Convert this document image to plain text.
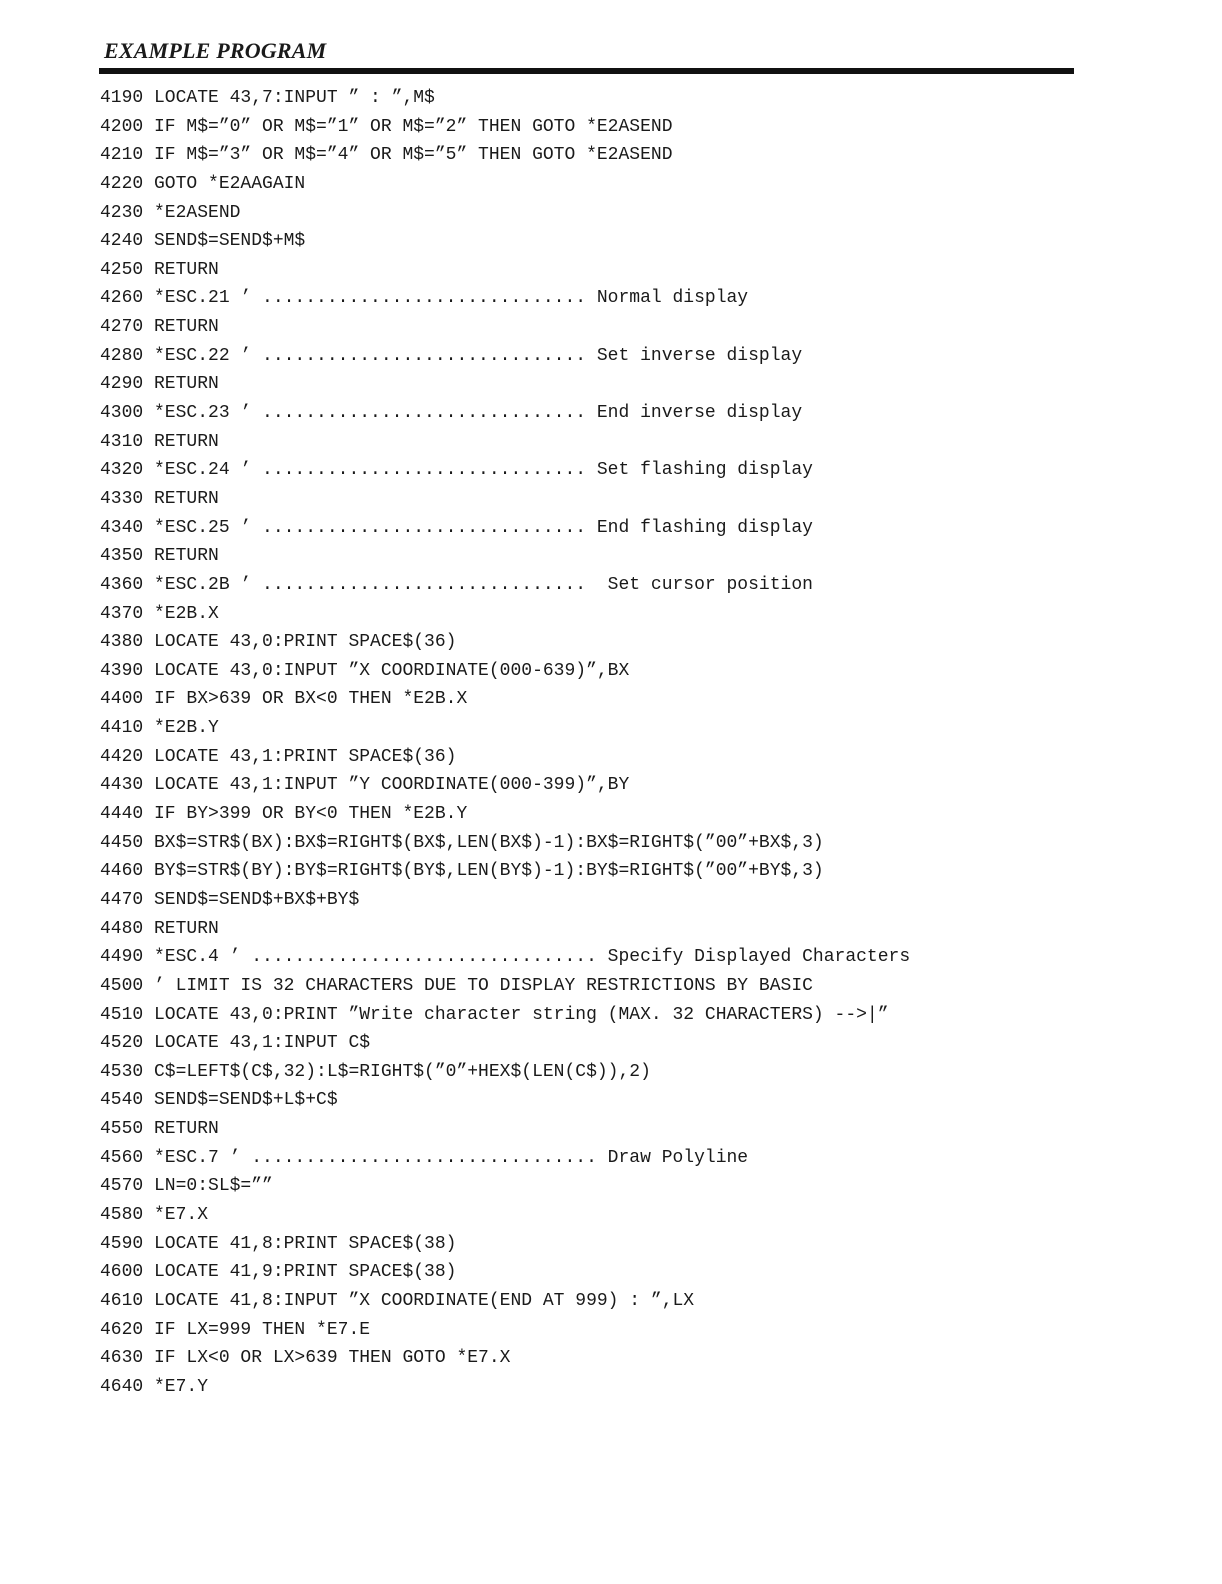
EXAMPLE PROGRAM
4190 LOCATE 43,7:INPUT ” : ”,M$
4200 IF M$=”0” OR M$=”1” OR M$=”2” THEN GOTO *E2ASEND
4210 IF M$=”3” OR M$=”4” OR M$=”5” THEN GOTO *E2ASEND
4220 GOTO *E2AAGAIN
4230 *E2ASEND
4240 SEND$=SEND$+M$
4250 RETURN
4260 *ESC.21 ’ .............................. Normal display
4270 RETURN
4280 *ESC.22 ’ .............................. Set inverse display
4290 RETURN
4300 *ESC.23 ’ .............................. End inverse display
4310 RETURN
4320 *ESC.24 ’ .............................. Set flashing display
4330 RETURN
4340 *ESC.25 ’ .............................. End flashing display
4350 RETURN
4360 *ESC.2B ’ ..............................  Set cursor position
4370 *E2B.X
4380 LOCATE 43,0:PRINT SPACE$(36)
4390 LOCATE 43,0:INPUT ”X COORDINATE(000-639)”,BX
4400 IF BX>639 OR BX<0 THEN *E2B.X
4410 *E2B.Y
4420 LOCATE 43,1:PRINT SPACE$(36)
4430 LOCATE 43,1:INPUT ”Y COORDINATE(000-399)”,BY
4440 IF BY>399 OR BY<0 THEN *E2B.Y
4450 BX$=STR$(BX):BX$=RIGHT$(BX$,LEN(BX$)-1):BX$=RIGHT$(”00”+BX$,3)
4460 BY$=STR$(BY):BY$=RIGHT$(BY$,LEN(BY$)-1):BY$=RIGHT$(”00”+BY$,3)
4470 SEND$=SEND$+BX$+BY$
4480 RETURN
4490 *ESC.4 ’ ................................ Specify Displayed Characters
4500 ’ LIMIT IS 32 CHARACTERS DUE TO DISPLAY RESTRICTIONS BY BASIC
4510 LOCATE 43,0:PRINT ”Write character string (MAX. 32 CHARACTERS) -->|”
4520 LOCATE 43,1:INPUT C$
4530 C$=LEFT$(C$,32):L$=RIGHT$(”0”+HEX$(LEN(C$)),2)
4540 SEND$=SEND$+L$+C$
4550 RETURN
4560 *ESC.7 ’ ................................ Draw Polyline
4570 LN=0:SL$=””
4580 *E7.X
4590 LOCATE 41,8:PRINT SPACE$(38)
4600 LOCATE 41,9:PRINT SPACE$(38)
4610 LOCATE 41,8:INPUT ”X COORDINATE(END AT 999) : ”,LX
4620 IF LX=999 THEN *E7.E
4630 IF LX<0 OR LX>639 THEN GOTO *E7.X
4640 *E7.Y
